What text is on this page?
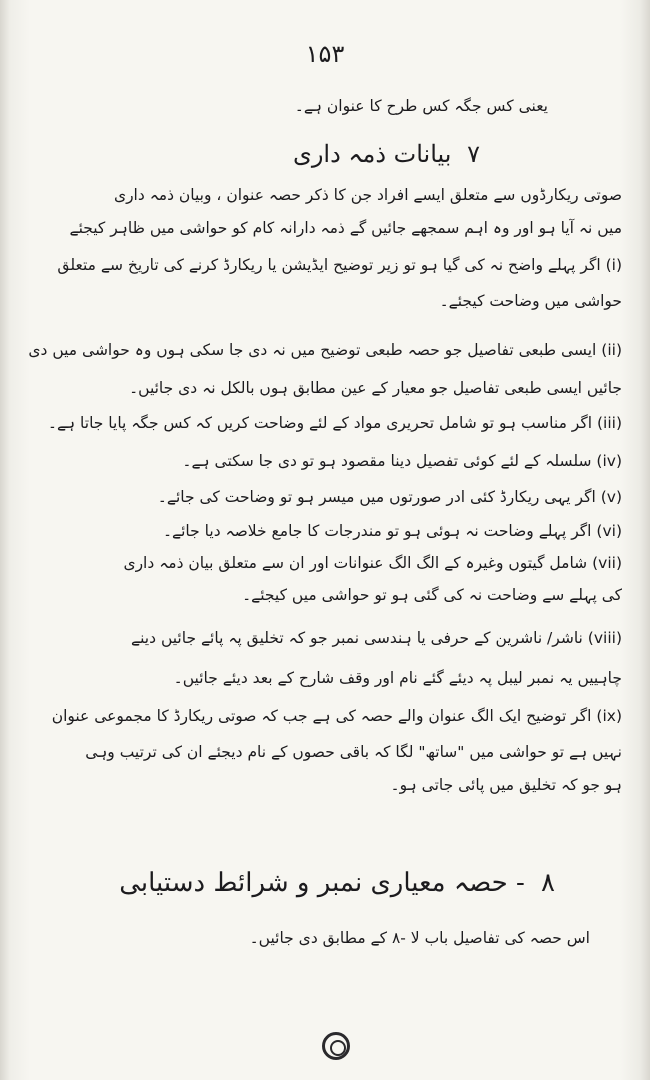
۱۵۳
یعنی کس جگہ کس طرح کا عنوان ہے۔
۷ بیانات ذمہ داری
صوتی ریکارڈوں سے متعلق ایسے افراد جن کا ذکر حصہ عنوان ، وبیان ذمہ داری
میں نہ آیا ہو اور وہ اہم سمجھے جائیں گے ذمہ دارانہ کام کو حواشی میں ظاہر کیجئے
(i) اگر پہلے واضح نہ کی گیا ہو تو زیر توضیح ایڈیشن یا ریکارڈ کرنے کی تاریخ سے متعلق
حواشی میں وضاحت کیجئے۔
(ii) ایسی طبعی تفاصیل جو حصہ طبعی توضیح میں نہ دی جا سکی ہوں وہ حواشی میں دی
جائیں ایسی طبعی تفاصیل جو معیار کے عین مطابق ہوں بالکل نہ دی جائیں۔
(iii) اگر مناسب ہو تو شامل تحریری مواد کے لئے وضاحت کریں کہ کس جگہ پایا جاتا ہے۔
(iv) سلسلہ کے لئے کوئی تفصیل دینا مقصود ہو تو دی جا سکتی ہے۔
(v) اگر یہی ریکارڈ کئی ادر صورتوں میں میسر ہو تو وضاحت کی جائے۔
(vi) اگر پہلے وضاحت نہ ہوئی ہو تو مندرجات کا جامع خلاصہ دیا جائے۔
(vii) شامل گیتوں وغیرہ کے الگ الگ عنوانات اور ان سے متعلق بیان ذمہ داری
کی پہلے سے وضاحت نہ کی گئی ہو تو حواشی میں کیجئے۔
(viii) ناشر/ ناشرین کے حرفی یا ہندسی نمبر جو کہ تخلیق پہ پائے جائیں دینے
چاہییں یہ نمبر لیبل پہ دیئے گئے نام اور وقف شارح کے بعد دیئے جائیں۔
(ix) اگر توضیح ایک الگ عنوان والے حصہ کی ہے جب کہ صوتی ریکارڈ کا مجموعی عنوان
نہیں ہے تو حواشی میں "ساتھ" لگا کہ باقی حصوں کے نام دیجئے ان کی ترتیب وہی
ہو جو کہ تخلیق میں پائی جاتی ہو۔
۸ - حصہ معیاری نمبر و شرائط دستیابی
اس حصہ کی تفاصیل باب لا -۸ کے مطابق دی جائیں۔
